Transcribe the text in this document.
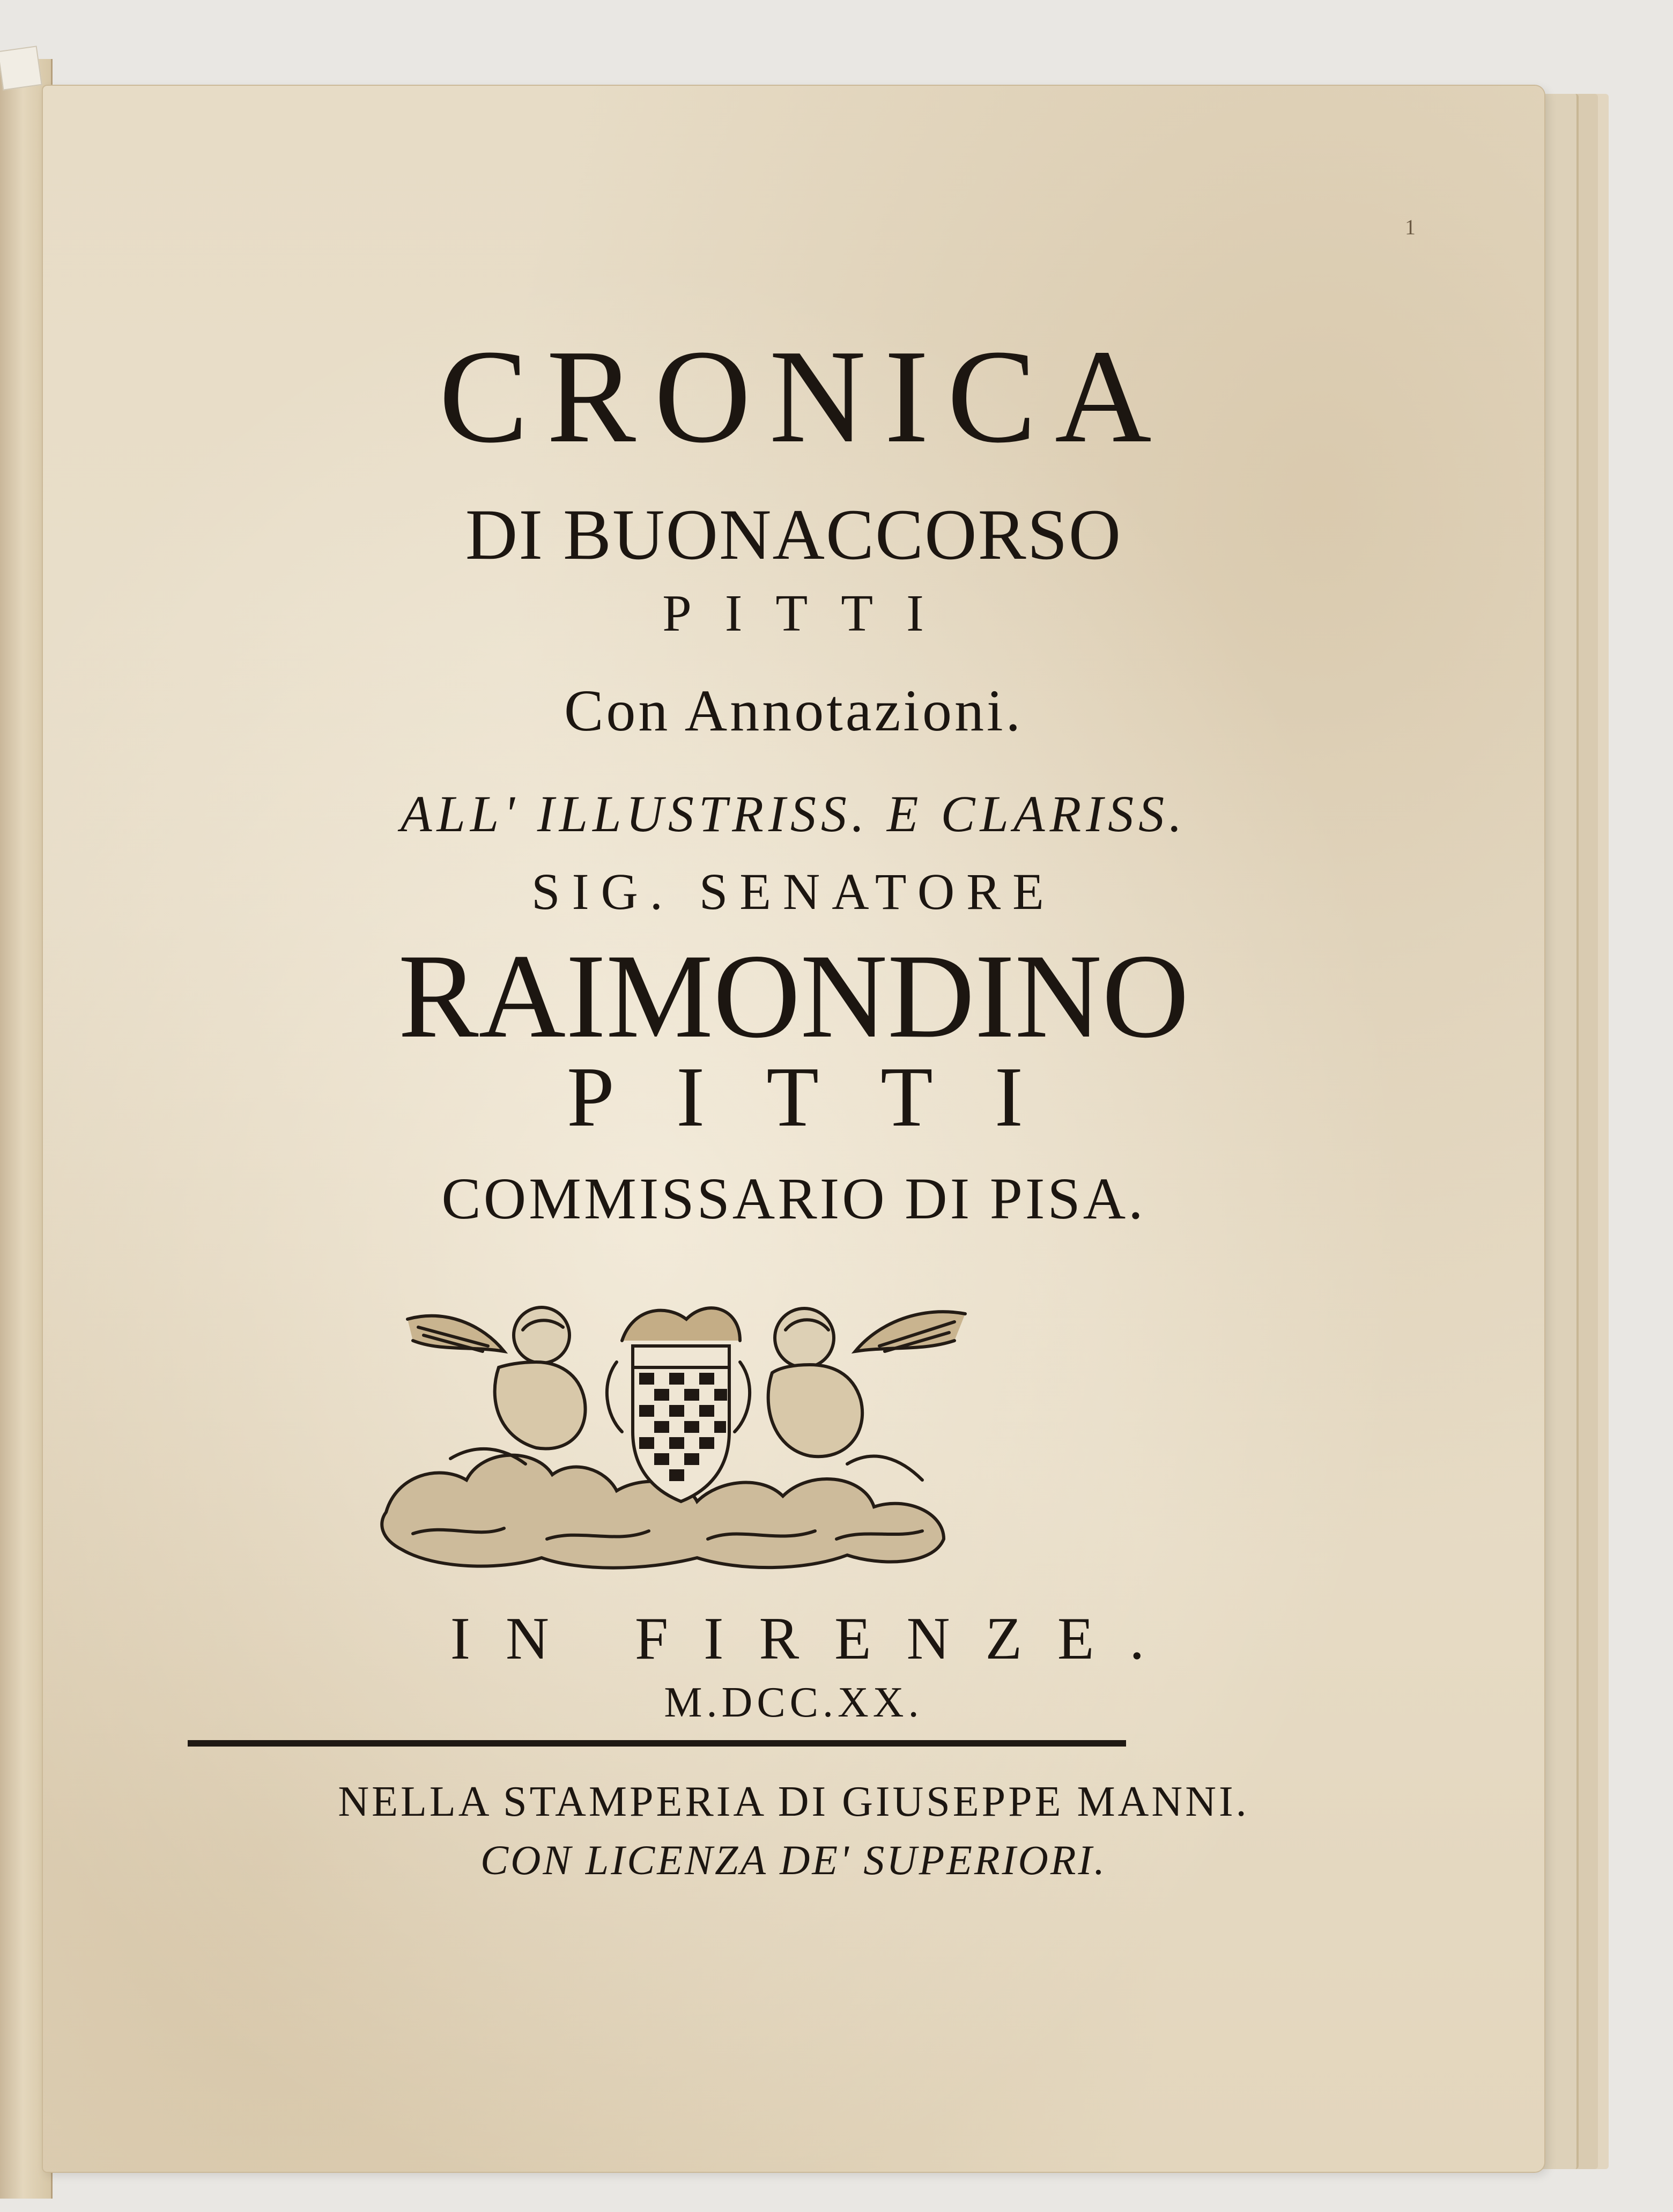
1
CRONICA
DI BUONACCORSO
PITTI
Con Annotazioni.
ALL' ILLUSTRISS. E CLARISS.
SIG. SENATORE
RAIMONDINO
PITTI
COMMISSARIO DI PISA.
IN FIRENZE.
M.DCC.XX.
NELLA STAMPERIA DI GIUSEPPE MANNI.
CON LICENZA DE' SUPERIORI.
